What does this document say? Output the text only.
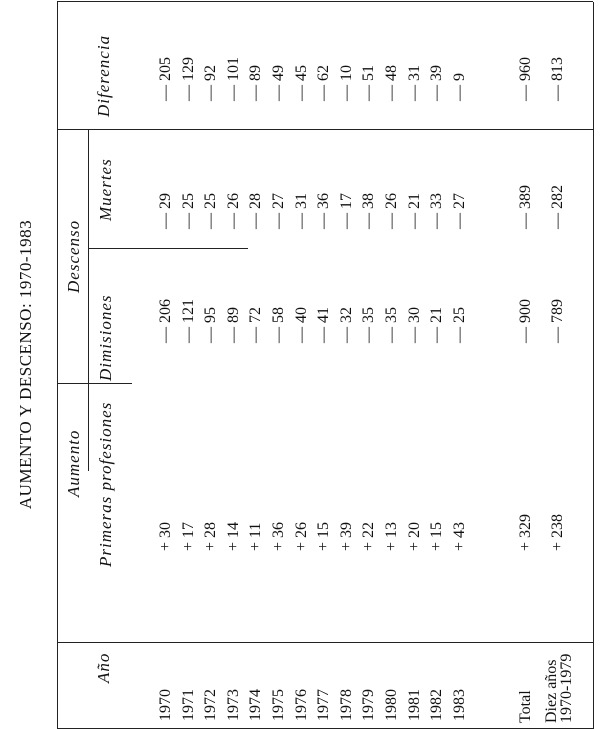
AUMENTO Y DESCENSO: 1970-1983
Año
Aumento Primeras profesiones
Descenso
Dimisiones
Muertes
Diferencia
1970
+ 30
— 206
— 29
— 205
1971
+ 17
— 121
— 25
— 129
1972
+ 28
— 95
— 25
— 92
1973
+ 14
— 89
— 26
— 101
1974
+ 11
— 72
— 28
— 89
1975
+ 36
— 58
— 27
— 49
1976
+ 26
— 40
— 31
— 45
1977
+ 15
— 41
— 36
— 62
1978
+ 39
— 32
— 17
— 10
1979
+ 22
— 35
— 38
— 51
1980
+ 13
— 35
— 26
— 48
1981
+ 20
— 30
— 21
— 31
1982
+ 15
— 21
— 33
— 39
1983
+ 43
— 25
— 27
— 9
Total
+ 329
— 900
— 389
— 960
Diez años
1970-1979
+ 238
— 789
— 282
— 813
